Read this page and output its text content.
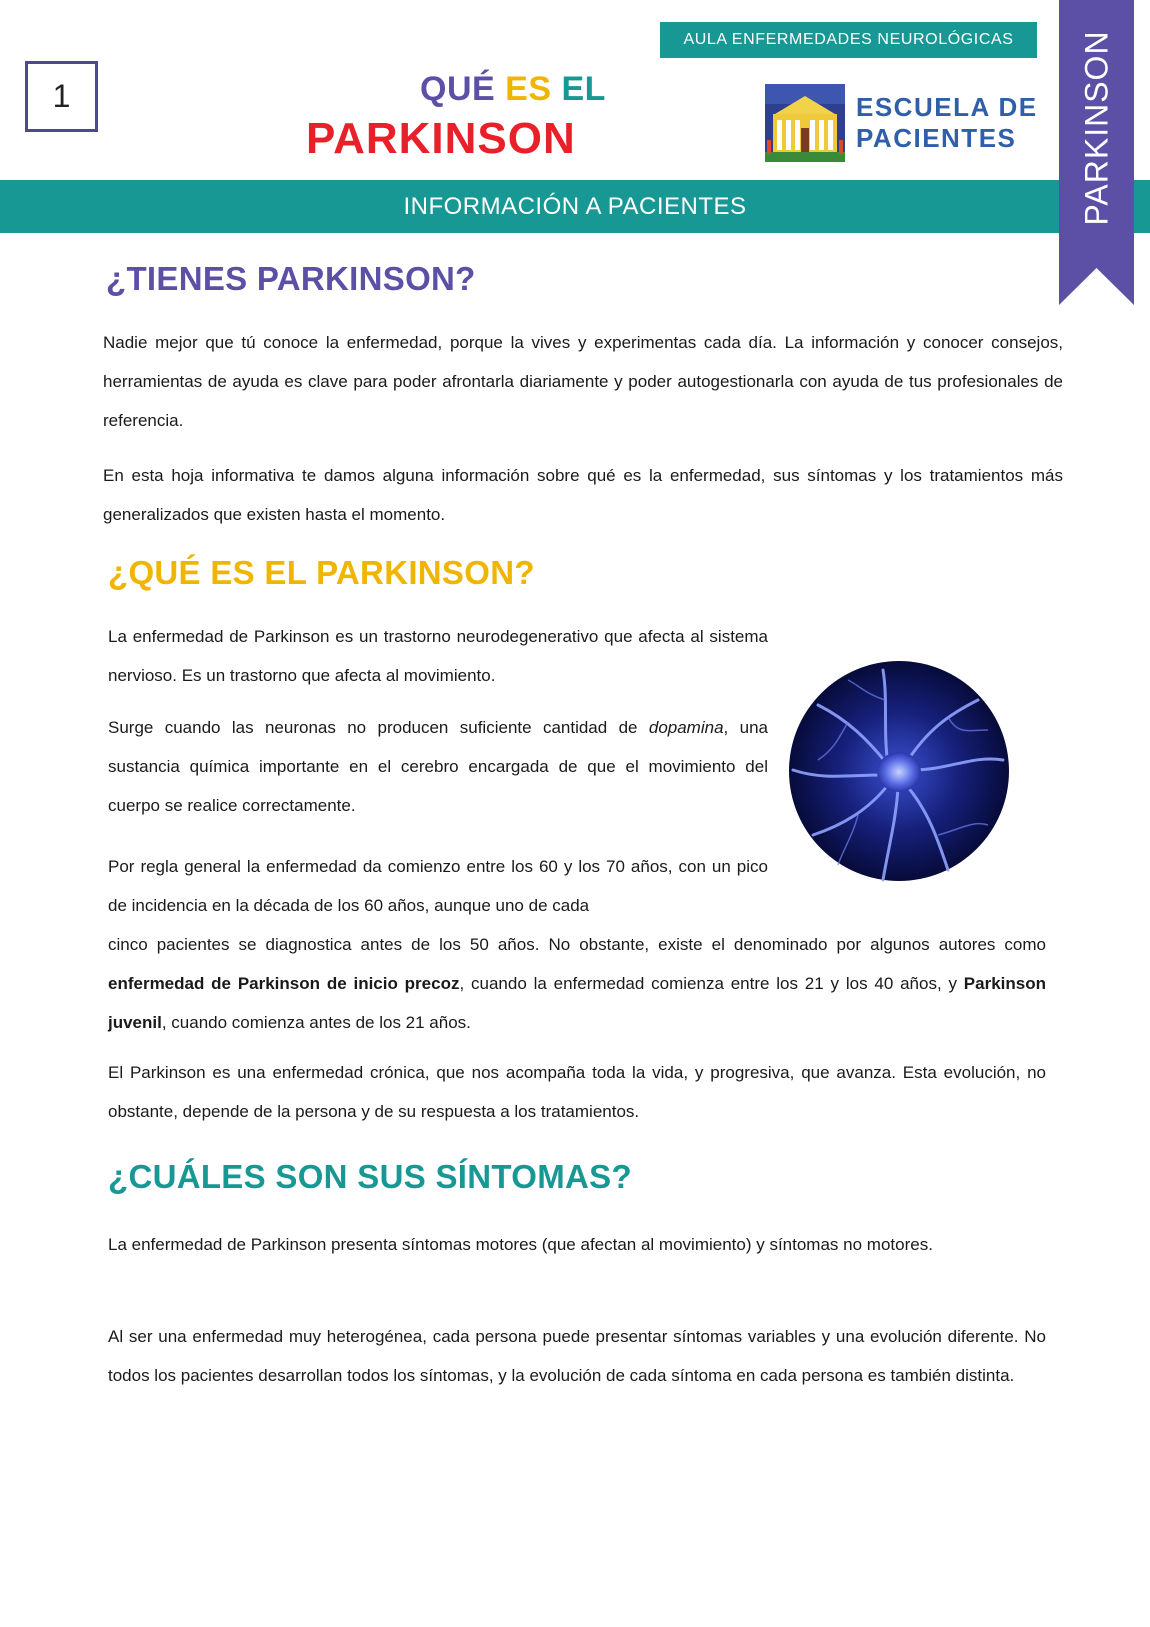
1
AULA ENFERMEDADES NEUROLÓGICAS
QUÉ ES EL
PARKINSON
ESCUELA DE
PACIENTES
INFORMACIÓN A PACIENTES	PARKINSON
¿TIENES PARKINSON?

Nadie mejor que tú conoce la enfermedad, porque la vives y experimentas cada día. La información y conocer consejos, herramientas de ayuda es clave para poder afrontarla diariamente y poder autogestionarla con ayuda de tus profesionales de referencia.

En esta hoja informativa te damos alguna información sobre qué es la enfermedad, sus síntomas y los tratamientos más generalizados que existen hasta el momento.

¿QUÉ ES EL PARKINSON?

La enfermedad de Parkinson es un trastorno neurodegenerativo que afecta al sistema nervioso. Es un trastorno que afecta al movimiento.

Surge cuando las neuronas no producen suficiente cantidad de dopamina, una sustancia química importante en el cerebro encargada de que el movimiento del cuerpo se realice correctamente.

Por regla general la enfermedad da comienzo entre los 60 y los 70 años, con un pico de incidencia en la década de los 60 años, aunque uno de cada

cinco pacientes se diagnostica antes de los 50 años. No obstante, existe el denominado por algunos autores como enfermedad de Parkinson de inicio precoz, cuando la enfermedad comienza entre los 21 y los 40 años, y Parkinson juvenil, cuando comienza antes de los 21 años.

El Parkinson es una enfermedad crónica, que nos acompaña toda la vida, y progresiva, que avanza. Esta evolución, no obstante, depende de la persona y de su respuesta a los tratamientos.

¿CUÁLES SON SUS SÍNTOMAS?

La enfermedad de Parkinson presenta síntomas motores (que afectan al movimiento) y síntomas no motores.

Al ser una enfermedad muy heterogénea, cada persona puede presentar síntomas variables y una evolución diferente. No todos los pacientes desarrollan todos los síntomas, y la evolución de cada síntoma en cada persona es también distinta.
